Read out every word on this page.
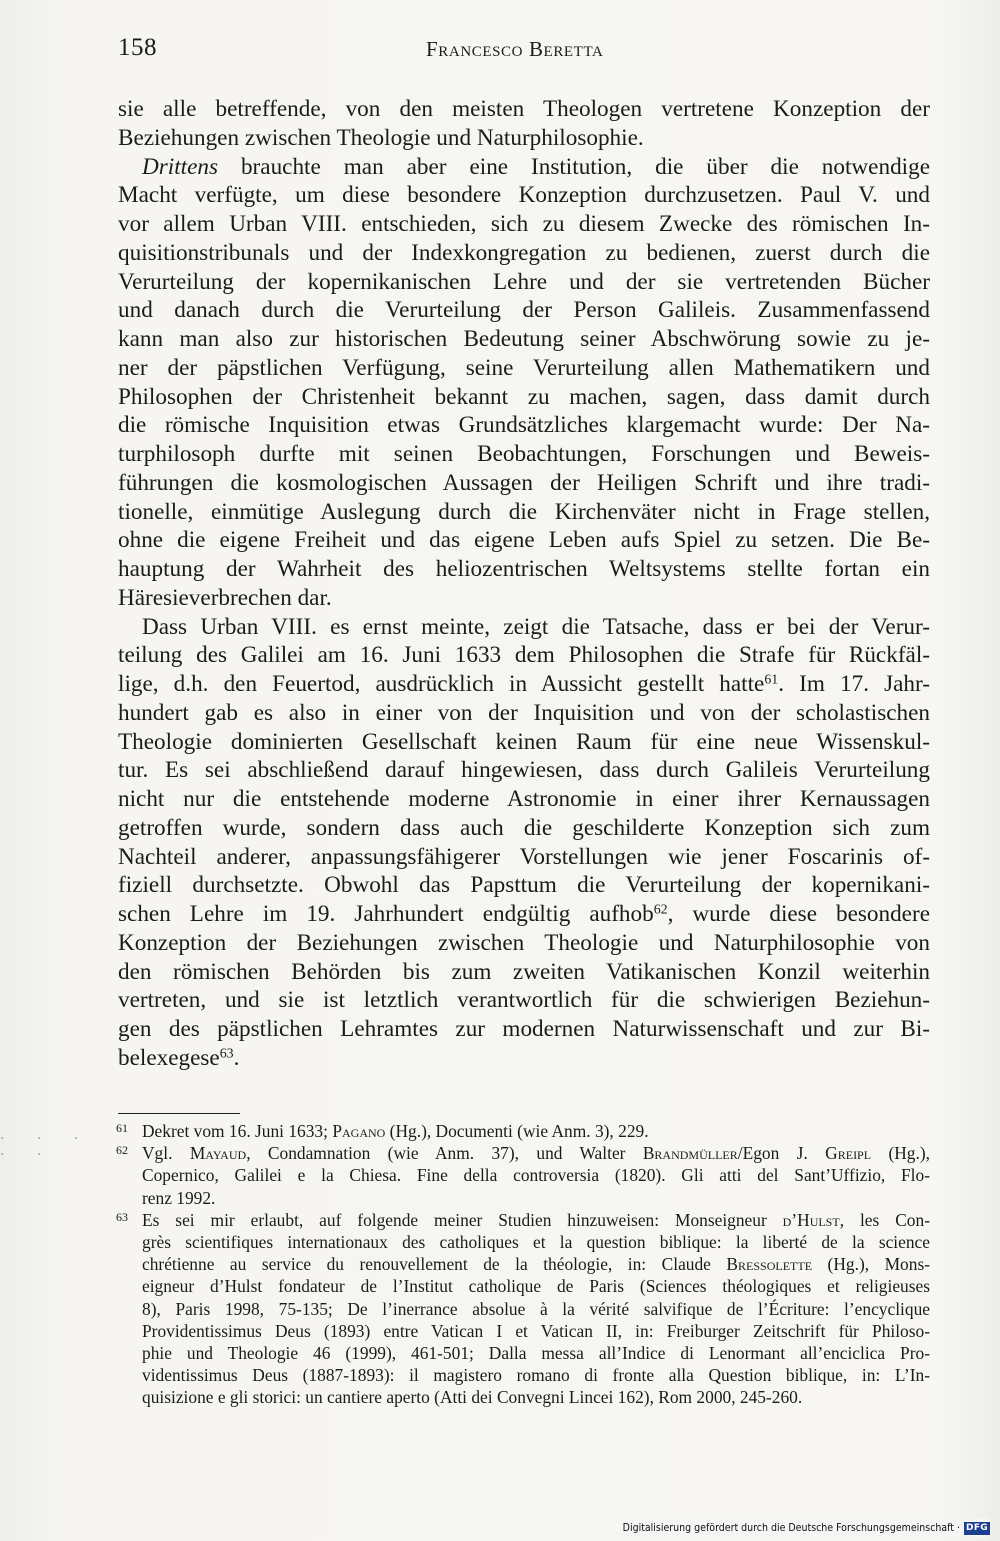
158	Francesco Beretta
sie alle betreffende, von den meisten Theologen vertretene Konzeption der
Beziehungen zwischen Theologie und Naturphilosophie.
Drittens brauchte man aber eine Institution, die über die notwendige
Macht verfügte, um diese besondere Konzeption durchzusetzen. Paul V. und
vor allem Urban VIII. entschieden, sich zu diesem Zwecke des römischen In-
quisitionstribunals und der Indexkongregation zu bedienen, zuerst durch die
Verurteilung der kopernikanischen Lehre und der sie vertretenden Bücher
und danach durch die Verurteilung der Person Galileis. Zusammenfassend
kann man also zur historischen Bedeutung seiner Abschwörung sowie zu je-
ner der päpstlichen Verfügung, seine Verurteilung allen Mathematikern und
Philosophen der Christenheit bekannt zu machen, sagen, dass damit durch
die römische Inquisition etwas Grundsätzliches klargemacht wurde: Der Na-
turphilosoph durfte mit seinen Beobachtungen, Forschungen und Beweis-
führungen die kosmologischen Aussagen der Heiligen Schrift und ihre tradi-
tionelle, einmütige Auslegung durch die Kirchenväter nicht in Frage stellen,
ohne die eigene Freiheit und das eigene Leben aufs Spiel zu setzen. Die Be-
hauptung der Wahrheit des heliozentrischen Weltsystems stellte fortan ein
Häresieverbrechen dar.
Dass Urban VIII. es ernst meinte, zeigt die Tatsache, dass er bei der Verur-
teilung des Galilei am 16. Juni 1633 dem Philosophen die Strafe für Rückfäl-
lige, d.h. den Feuertod, ausdrücklich in Aussicht gestellt hatte$^{61}$. Im 17. Jahr-
hundert gab es also in einer von der Inquisition und von der scholastischen
Theologie dominierten Gesellschaft keinen Raum für eine neue Wissenskul-
tur. Es sei abschließend darauf hingewiesen, dass durch Galileis Verurteilung
nicht nur die entstehende moderne Astronomie in einer ihrer Kernaussagen
getroffen wurde, sondern dass auch die geschilderte Konzeption sich zum
Nachteil anderer, anpassungsfähigerer Vorstellungen wie jener Foscarinis of-
fiziell durchsetzte. Obwohl das Papsttum die Verurteilung der kopernikani-
schen Lehre im 19. Jahrhundert endgültig aufhob$^{62}$, wurde diese besondere
Konzeption der Beziehungen zwischen Theologie und Naturphilosophie von
den römischen Behörden bis zum zweiten Vatikanischen Konzil weiterhin
vertreten, und sie ist letztlich verantwortlich für die schwierigen Beziehun-
gen des päpstlichen Lehramtes zur modernen Naturwissenschaft und zur Bi-
belexegese$^{63}$.
· · · · ·
61 Dekret vom 16. Juni 1633; Pagano (Hg.), Documenti (wie Anm. 3), 229.
62 Vgl. Mayaud, Condamnation (wie Anm. 37), und Walter Brandmüller/Egon J. Greipl (Hg.),
Copernico, Galilei e la Chiesa. Fine della controversia (1820). Gli atti del Sant’Uffizio, Flo-
renz 1992.
63 Es sei mir erlaubt, auf folgende meiner Studien hinzuweisen: Monseigneur d’Hulst, les Con-
grès scientifiques internationaux des catholiques et la question biblique: la liberté de la science
chrétienne au service du renouvellement de la théologie, in: Claude Bressolette (Hg.), Mons-
eigneur d’Hulst fondateur de l’Institut catholique de Paris (Sciences théologiques et religieuses
8), Paris 1998, 75-135; De l’inerrance absolue à la vérité salvifique de l’Écriture: l’encyclique
Providentissimus Deus (1893) entre Vatican I et Vatican II, in: Freiburger Zeitschrift für Philoso-
phie und Theologie 46 (1999), 461-501; Dalla messa all’Indice di Lenormant all’enciclica Pro-
videntissimus Deus (1887-1893): il magistero romano di fronte alla Question biblique, in: L’In-
quisizione e gli storici: un cantiere aperto (Atti dei Convegni Lincei 162), Rom 2000, 245-260.
Digitalisierung gefördert durch die Deutsche Forschungsgemeinschaft · DFG
